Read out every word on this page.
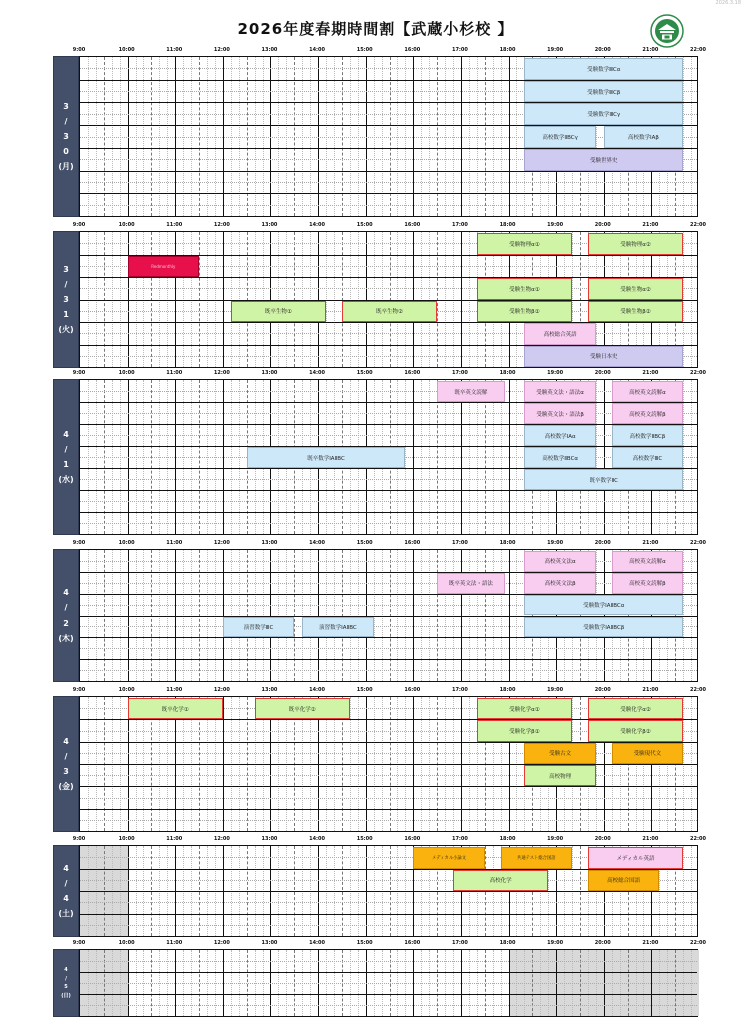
2026.3.18
2026年度春期時間割【武蔵小杉校 】
9:00	10:00	11:00	12:00	13:00	14:00	15:00	16:00	17:00	18:00	19:00	20:00	21:00	22:00
3
/
3
0
(月)
受験数学ⅢCα
受験数学ⅢCβ
受験数学ⅢCγ
高校数学ⅡBCγ	高校数学ⅠAβ
受験世界史
9:00	10:00	11:00	12:00	13:00	14:00	15:00	16:00	17:00	18:00	19:00	20:00	21:00	22:00
3
/
3
1
(火)
受験物理α①	受験物理α②
Redmonthly
受験生物α①	受験生物α②
既卒生物①	既卒生物②	受験生物β①	受験生物β②
高校総合英語
受験日本史
9:00	10:00	11:00	12:00	13:00	14:00	15:00	16:00	17:00	18:00	19:00	20:00	21:00	22:00
4
/
1
(水)
既卒英文読解	受験英文法・語法α	高校英文読解α
受験英文法・語法β	高校英文読解β
高校数学ⅠAα	高校数学ⅡBCβ
既卒数学ⅠAⅡBC	高校数学ⅡBCα	高校数学ⅢC
既卒数学ⅡC
9:00	10:00	11:00	12:00	13:00	14:00	15:00	16:00	17:00	18:00	19:00	20:00	21:00	22:00
4
/
2
(木)
高校英文法α	高校英文読解α
既卒英文法・語法	高校英文法β	高校英文読解β
受験数学ⅠAⅡBCα
演習数学ⅢC	演習数学ⅠAⅡBC	受験数学ⅠAⅡBCβ
9:00	10:00	11:00	12:00	13:00	14:00	15:00	16:00	17:00	18:00	19:00	20:00	21:00	22:00
4
/
3
(金)
既卒化学①	既卒化学②	受験化学α①	受験化学α②
受験化学β①	受験化学β②
受験古文	受験現代文
高校物理
9:00	10:00	11:00	12:00	13:00	14:00	15:00	16:00	17:00	18:00	19:00	20:00	21:00	22:00
4
/
4
(土)
メディカル小論文	共通テスト総合国語	メディカル英語
高校化学	高校総合国語
9:00	10:00	11:00	12:00	13:00	14:00	15:00	16:00	17:00	18:00	19:00	20:00	21:00	22:00
4
/
5
(日)
